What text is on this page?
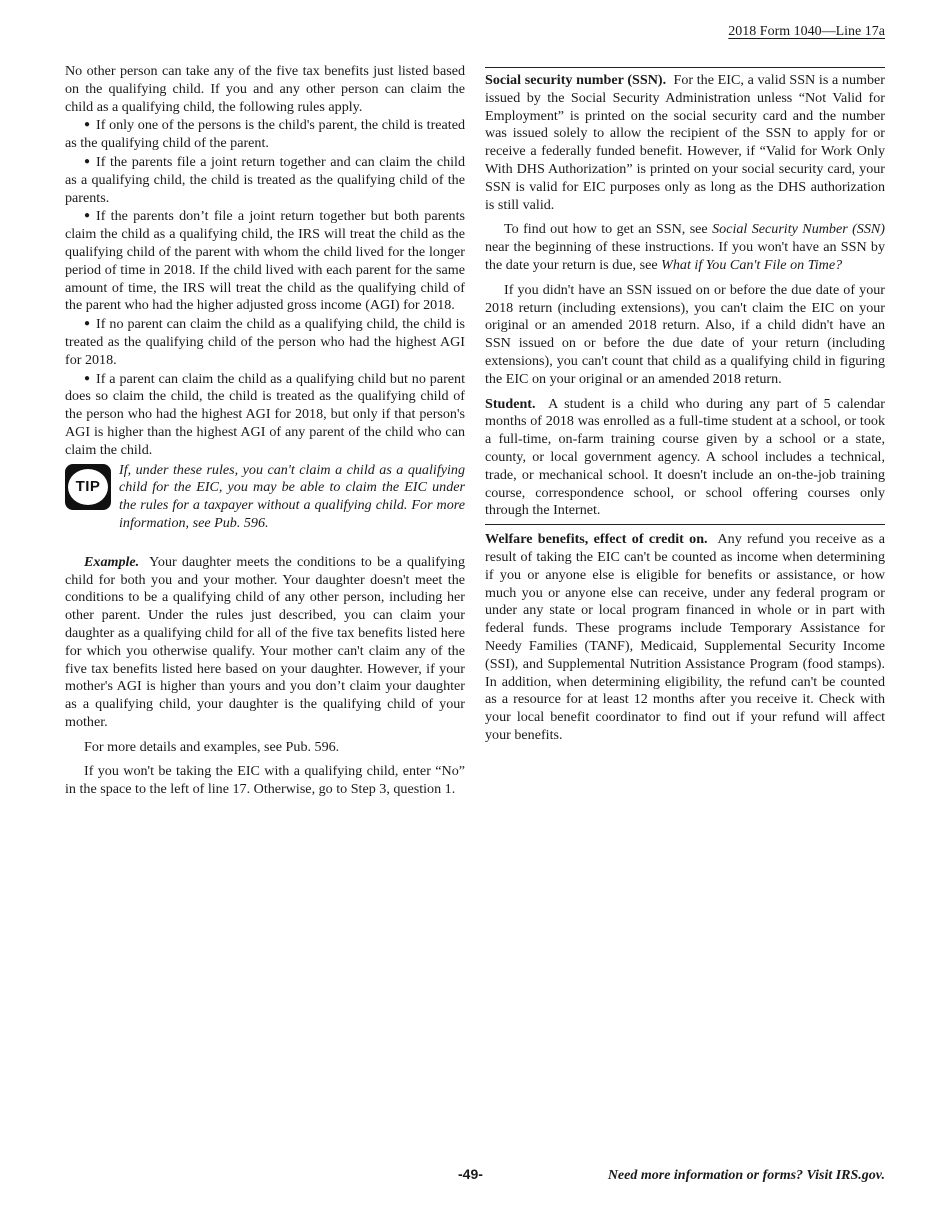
2018 Form 1040—Line 17a

No other person can take any of the five tax benefits just listed based on the qualifying child. If you and any other person can claim the child as a qualifying child, the following rules apply.

● If only one of the persons is the child's parent, the child is treated as the qualifying child of the parent.

● If the parents file a joint return together and can claim the child as a qualifying child, the child is treated as the qualifying child of the parents.

● If the parents don’t file a joint return together but both parents claim the child as a qualifying child, the IRS will treat the child as the qualifying child of the parent with whom the child lived for the longer period of time in 2018. If the child lived with each parent for the same amount of time, the IRS will treat the child as the qualifying child of the parent who had the higher adjusted gross income (AGI) for 2018.

● If no parent can claim the child as a qualifying child, the child is treated as the qualifying child of the person who had the highest AGI for 2018.

● If a parent can claim the child as a qualifying child but no parent does so claim the child, the child is treated as the qualifying child of the person who had the highest AGI for 2018, but only if that person's AGI is higher than the highest AGI of any parent of the child who can claim the child.

TIP
If, under these rules, you can't claim a child as a qualifying child for the EIC, you may be able to claim the EIC under the rules for a taxpayer without a qualifying child. For more information, see Pub. 596.

Example. Your daughter meets the conditions to be a qualifying child for both you and your mother. Your daughter doesn't meet the conditions to be a qualifying child of any other person, including her other parent. Under the rules just described, you can claim your daughter as a qualifying child for all of the five tax benefits listed here for which you otherwise qualify. Your mother can't claim any of the five tax benefits listed here based on your daughter. However, if your mother's AGI is higher than yours and you don’t claim your daughter as a qualifying child, your daughter is the qualifying child of your mother.

For more details and examples, see Pub. 596.

If you won't be taking the EIC with a qualifying child, enter “No” in the space to the left of line 17. Otherwise, go to Step 3, question 1.

Social security number (SSN). For the EIC, a valid SSN is a number issued by the Social Security Administration unless “Not Valid for Employment” is printed on the social security card and the number was issued solely to allow the recipient of the SSN to apply for or receive a federally funded benefit. However, if “Valid for Work Only With DHS Authorization” is printed on your social security card, your SSN is valid for EIC purposes only as long as the DHS authorization is still valid.

To find out how to get an SSN, see Social Security Number (SSN) near the beginning of these instructions. If you won't have an SSN by the date your return is due, see What if You Can't File on Time?

If you didn't have an SSN issued on or before the due date of your 2018 return (including extensions), you can't claim the EIC on your original or an amended 2018 return. Also, if a child didn't have an SSN issued on or before the due date of your return (including extensions), you can't count that child as a qualifying child in figuring the EIC on your original or an amended 2018 return.

Student. A student is a child who during any part of 5 calendar months of 2018 was enrolled as a full-time student at a school, or took a full-time, on-farm training course given by a school or a state, county, or local government agency. A school includes a technical, trade, or mechanical school. It doesn't include an on-the-job training course, correspondence school, or school offering courses only through the Internet.

Welfare benefits, effect of credit on. Any refund you receive as a result of taking the EIC can't be counted as income when determining if you or anyone else is eligible for benefits or assistance, or how much you or anyone else can receive, under any federal program or under any state or local program financed in whole or in part with federal funds. These programs include Temporary Assistance for Needy Families (TANF), Medicaid, Supplemental Security Income (SSI), and Supplemental Nutrition Assistance Program (food stamps). In addition, when determining eligibility, the refund can't be counted as a resource for at least 12 months after you receive it. Check with your local benefit coordinator to find out if your refund will affect your benefits.

-49-	Need more information or forms? Visit IRS.gov.
